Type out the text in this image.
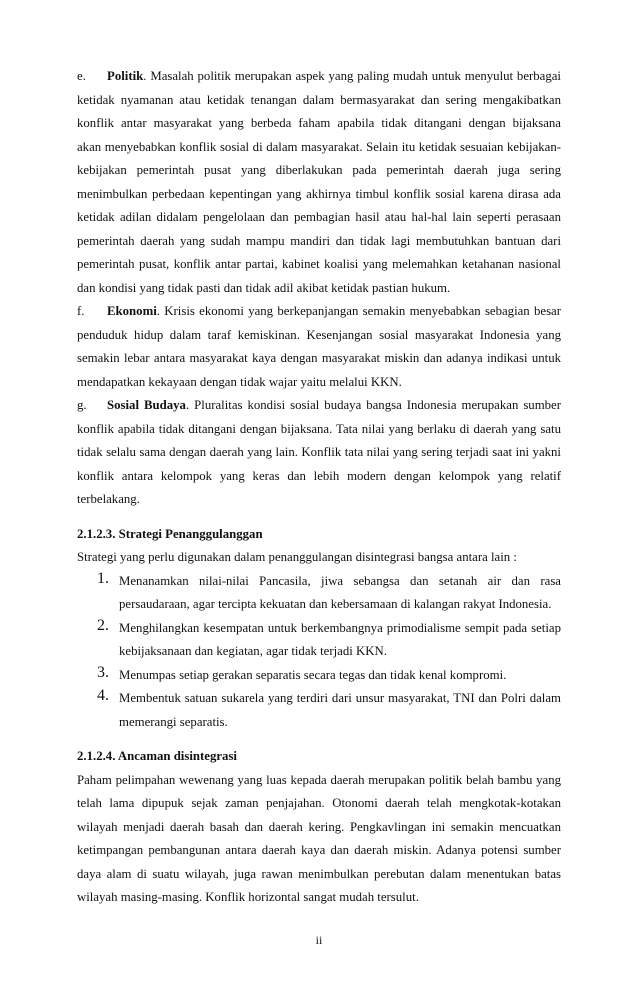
e. Politik. Masalah politik merupakan aspek yang paling mudah untuk menyulut berbagai
ketidak nyamanan atau ketidak tenangan dalam bermasyarakat dan sering mengakibatkan
konflik antar masyarakat yang berbeda faham apabila tidak ditangani dengan bijaksana
akan menyebabkan konflik sosial di dalam masyarakat. Selain itu ketidak sesuaian kebijakan-
kebijakan pemerintah pusat yang diberlakukan pada pemerintah daerah juga sering
menimbulkan perbedaan kepentingan yang akhirnya timbul konflik sosial karena dirasa ada
ketidak adilan didalam pengelolaan dan pembagian hasil atau hal-hal lain seperti perasaan
pemerintah daerah yang sudah mampu mandiri dan tidak lagi membutuhkan bantuan dari
pemerintah pusat, konflik antar partai, kabinet koalisi yang melemahkan ketahanan nasional
dan kondisi yang tidak pasti dan tidak adil akibat ketidak pastian hukum.
f. Ekonomi. Krisis ekonomi yang berkepanjangan semakin menyebabkan sebagian besar
penduduk hidup dalam taraf kemiskinan. Kesenjangan sosial masyarakat Indonesia yang
semakin lebar antara masyarakat kaya dengan masyarakat miskin dan adanya indikasi untuk
mendapatkan kekayaan dengan tidak wajar yaitu melalui KKN.
g. Sosial Budaya. Pluralitas kondisi sosial budaya bangsa Indonesia merupakan sumber
konflik apabila tidak ditangani dengan bijaksana. Tata nilai yang berlaku di daerah yang satu
tidak selalu sama dengan daerah yang lain. Konflik tata nilai yang sering terjadi saat ini yakni
konflik antara kelompok yang keras dan lebih modern dengan kelompok yang relatif
terbelakang.
2.1.2.3. Strategi Penanggulanggan
Strategi yang perlu digunakan dalam penanggulangan disintegrasi bangsa antara lain :
1. Menanamkan nilai-nilai Pancasila, jiwa sebangsa dan setanah air dan rasa
persaudaraan, agar tercipta kekuatan dan kebersamaan di kalangan rakyat Indonesia.
2. Menghilangkan kesempatan untuk berkembangnya primodialisme sempit pada setiap
kebijaksanaan dan kegiatan, agar tidak terjadi KKN.
3. Menumpas setiap gerakan separatis secara tegas dan tidak kenal kompromi.
4. Membentuk satuan sukarela yang terdiri dari unsur masyarakat, TNI dan Polri dalam
memerangi separatis.
2.1.2.4. Ancaman disintegrasi
Paham pelimpahan wewenang yang luas kepada daerah merupakan politik belah bambu yang
telah lama dipupuk sejak zaman penjajahan. Otonomi daerah telah mengkotak-kotakan
wilayah menjadi daerah basah dan daerah kering. Pengkavlingan ini semakin mencuatkan
ketimpangan pembangunan antara daerah kaya dan daerah miskin. Adanya potensi sumber
daya alam di suatu wilayah, juga rawan menimbulkan perebutan dalam menentukan batas
wilayah masing-masing. Konflik horizontal sangat mudah tersulut.
ii
